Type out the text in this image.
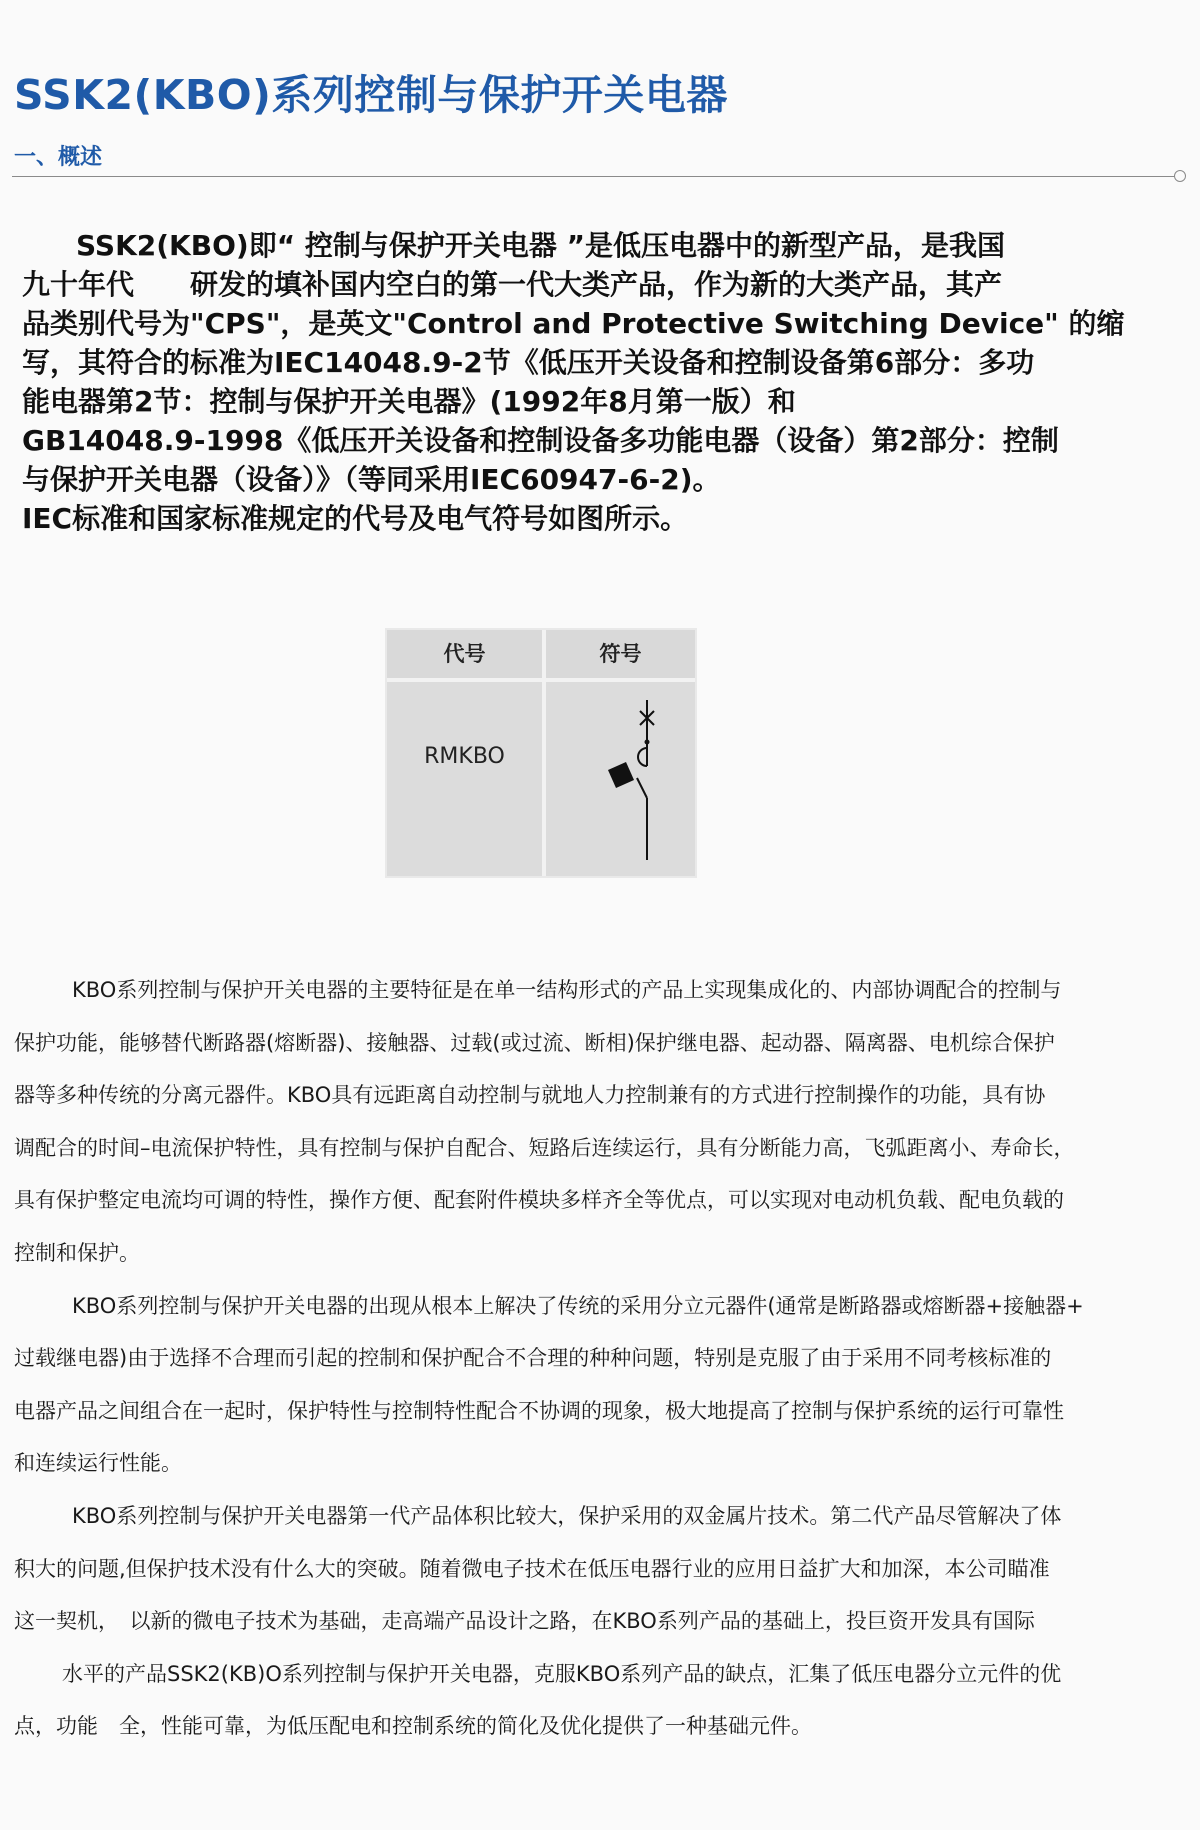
SSK2(KBO)系列控制与保护开关电器
一、概述

SSK2(KBO)即“ 控制与保护开关电器 ”是低压电器中的新型产品，是我国

九十年代　　研发的填补国内空白的第一代大类产品，作为新的大类产品，其产

品类别代号为"CPS"，是英文"Control and Protective Switching Device" 的缩

写，其符合的标准为IEC14048.9-2节《低压开关设备和控制设备第6部分：多功

能电器第2节：控制与保护开关电器》(1992年8月第一版）和

GB14048.9-1998《低压开关设备和控制设备多功能电器（设备）第2部分：控制

与保护开关电器（设备）》（等同采用IEC60947-6-2)。

IEC标准和国家标准规定的代号及电气符号如图所示。

代号	符号
RMKBO

KBO系列控制与保护开关电器的主要特征是在单一结构形式的产品上实现集成化的、内部协调配合的控制与

保护功能，能够替代断路器(熔断器)、接触器、过载(或过流、断相)保护继电器、起动器、隔离器、电机综合保护

器等多种传统的分离元器件。KBO具有远距离自动控制与就地人力控制兼有的方式进行控制操作的功能，具有协

调配合的时间–电流保护特性，具有控制与保护自配合、短路后连续运行，具有分断能力高，飞弧距离小、寿命长，

具有保护整定电流均可调的特性，操作方便、配套附件模块多样齐全等优点，可以实现对电动机负载、配电负载的

控制和保护。

KBO系列控制与保护开关电器的出现从根本上解决了传统的采用分立元器件(通常是断路器或熔断器+接触器+

过载继电器)由于选择不合理而引起的控制和保护配合不合理的种种问题，特别是克服了由于采用不同考核标准的

电器产品之间组合在一起时，保护特性与控制特性配合不协调的现象，极大地提高了控制与保护系统的运行可靠性

和连续运行性能。

KBO系列控制与保护开关电器第一代产品体积比较大，保护采用的双金属片技术。第二代产品尽管解决了体

积大的问题,但保护技术没有什么大的突破。随着微电子技术在低压电器行业的应用日益扩大和加深，本公司瞄准

这一契机，　以新的微电子技术为基础，走高端产品设计之路，在KBO系列产品的基础上，投巨资开发具有国际

水平的产品SSK2(KB)O系列控制与保护开关电器，克服KBO系列产品的缺点，汇集了低压电器分立元件的优

点，功能　全，性能可靠，为低压配电和控制系统的简化及优化提供了一种基础元件。
